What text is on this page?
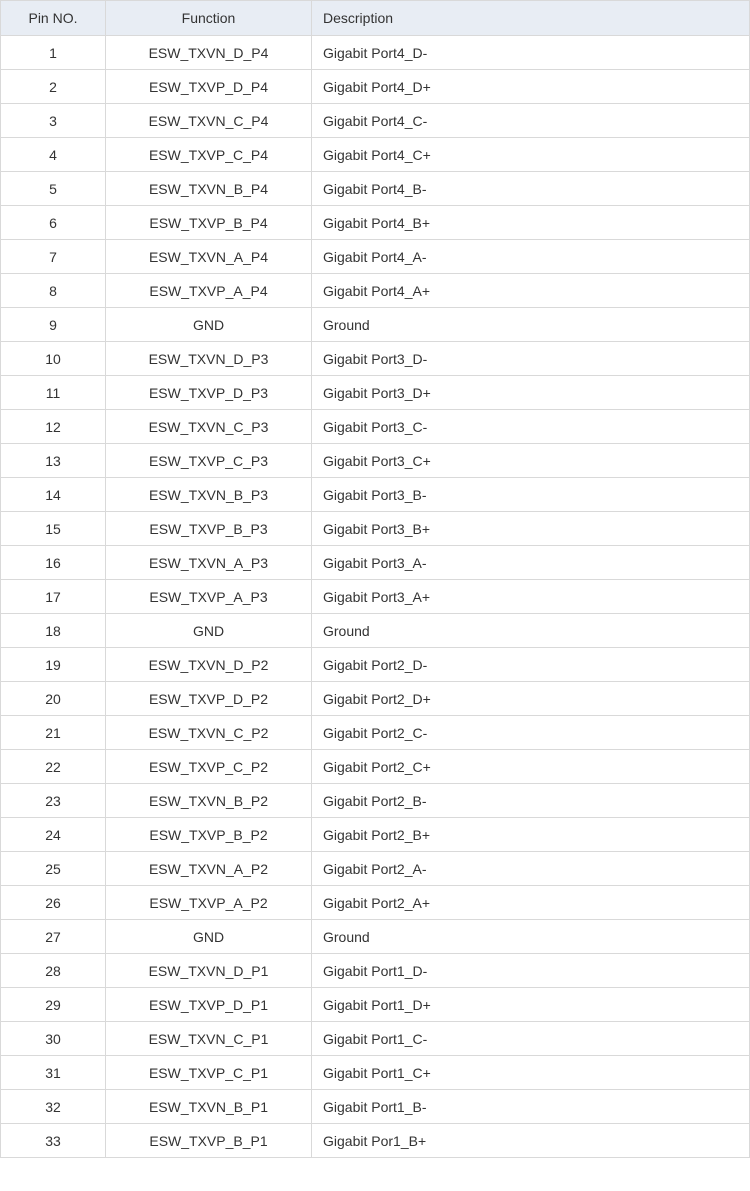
Pin NO.	Function	Description
1	ESW_TXVN_D_P4	Gigabit Port4_D-
2	ESW_TXVP_D_P4	Gigabit Port4_D+
3	ESW_TXVN_C_P4	Gigabit Port4_C-
4	ESW_TXVP_C_P4	Gigabit Port4_C+
5	ESW_TXVN_B_P4	Gigabit Port4_B-
6	ESW_TXVP_B_P4	Gigabit Port4_B+
7	ESW_TXVN_A_P4	Gigabit Port4_A-
8	ESW_TXVP_A_P4	Gigabit Port4_A+
9	GND	Ground
10	ESW_TXVN_D_P3	Gigabit Port3_D-
11	ESW_TXVP_D_P3	Gigabit Port3_D+
12	ESW_TXVN_C_P3	Gigabit Port3_C-
13	ESW_TXVP_C_P3	Gigabit Port3_C+
14	ESW_TXVN_B_P3	Gigabit Port3_B-
15	ESW_TXVP_B_P3	Gigabit Port3_B+
16	ESW_TXVN_A_P3	Gigabit Port3_A-
17	ESW_TXVP_A_P3	Gigabit Port3_A+
18	GND	Ground
19	ESW_TXVN_D_P2	Gigabit Port2_D-
20	ESW_TXVP_D_P2	Gigabit Port2_D+
21	ESW_TXVN_C_P2	Gigabit Port2_C-
22	ESW_TXVP_C_P2	Gigabit Port2_C+
23	ESW_TXVN_B_P2	Gigabit Port2_B-
24	ESW_TXVP_B_P2	Gigabit Port2_B+
25	ESW_TXVN_A_P2	Gigabit Port2_A-
26	ESW_TXVP_A_P2	Gigabit Port2_A+
27	GND	Ground
28	ESW_TXVN_D_P1	Gigabit Port1_D-
29	ESW_TXVP_D_P1	Gigabit Port1_D+
30	ESW_TXVN_C_P1	Gigabit Port1_C-
31	ESW_TXVP_C_P1	Gigabit Port1_C+
32	ESW_TXVN_B_P1	Gigabit Port1_B-
33	ESW_TXVP_B_P1	Gigabit Por1_B+
